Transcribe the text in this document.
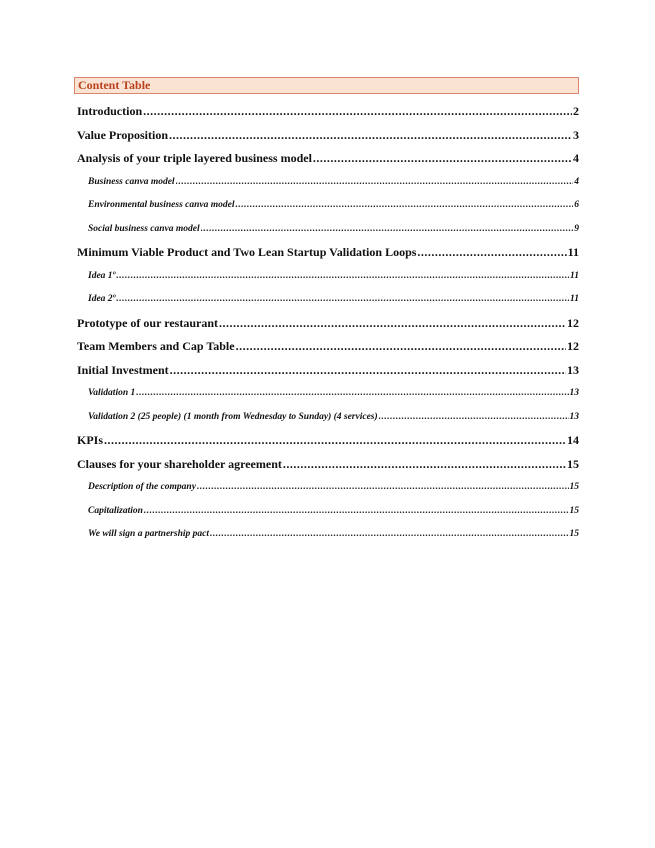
Content Table
Introduction .....	2
Value Proposition .....	3
Analysis of your triple layered business model .....	4
Business canva model .....	4
Environmental business canva model .....	6
Social business canva model .....	9
Minimum Viable Product and Two Lean Startup Validation Loops .....	11
Idea 1º .....	11
Idea 2º .....	11
Prototype of our restaurant .....	12
Team Members and Cap Table .....	12
Initial Investment .....	13
Validation 1 .....	13
Validation 2 (25 people) (1 month from Wednesday to Sunday) (4 services) .....	13
KPIs .....	14
Clauses for your shareholder agreement .....	15
Description of the company .....	15
Capitalization .....	15
We will sign a partnership pact .....	15
